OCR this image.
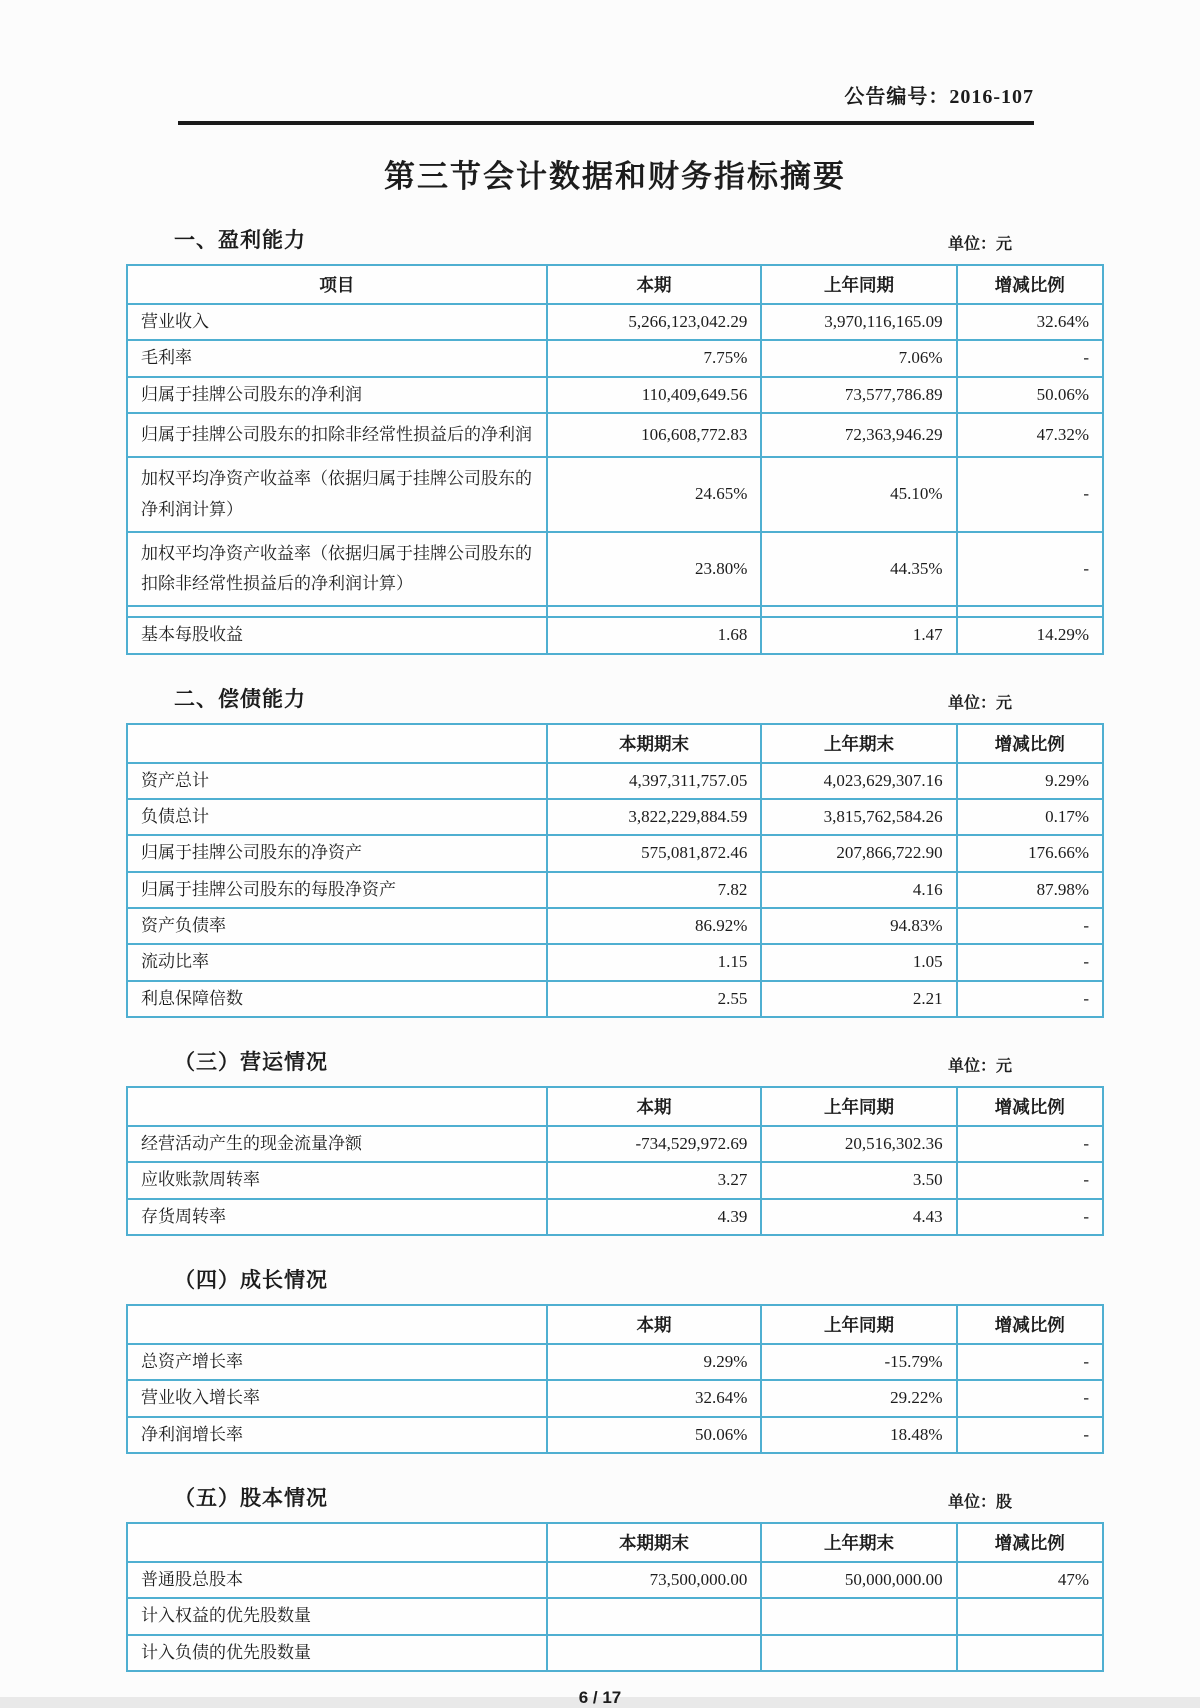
公告编号：2016-107
第三节会计数据和财务指标摘要
一、盈利能力	单位：元
项目	本期	上年同期	增减比例
营业收入	5,266,123,042.29	3,970,116,165.09	32.64%
毛利率	7.75%	7.06%	-
归属于挂牌公司股东的净利润	110,409,649.56	73,577,786.89	50.06%
归属于挂牌公司股东的扣除非经常性损益后的净利润	106,608,772.83	72,363,946.29	47.32%
加权平均净资产收益率（依据归属于挂牌公司股东的净利润计算）	24.65%	45.10%	-
加权平均净资产收益率（依据归属于挂牌公司股东的扣除非经常性损益后的净利润计算）	23.80%	44.35%	-

基本每股收益	1.68	1.47	14.29%
二、偿债能力	单位：元
	本期期末	上年期末	增减比例
资产总计	4,397,311,757.05	4,023,629,307.16	9.29%
负债总计	3,822,229,884.59	3,815,762,584.26	0.17%
归属于挂牌公司股东的净资产	575,081,872.46	207,866,722.90	176.66%
归属于挂牌公司股东的每股净资产	7.82	4.16	87.98%
资产负债率	86.92%	94.83%	-
流动比率	1.15	1.05	-
利息保障倍数	2.55	2.21	-
（三）营运情况	单位：元
	本期	上年同期	增减比例
经营活动产生的现金流量净额	-734,529,972.69	20,516,302.36	-
应收账款周转率	3.27	3.50	-
存货周转率	4.39	4.43	-
（四）成长情况
	本期	上年同期	增减比例
总资产增长率	9.29%	-15.79%	-
营业收入增长率	32.64%	29.22%	-
净利润增长率	50.06%	18.48%	-
（五）股本情况	单位：股
	本期期末	上年期末	增减比例
普通股总股本	73,500,000.00	50,000,000.00	47%
计入权益的优先股数量			
计入负债的优先股数量			
6 / 17
